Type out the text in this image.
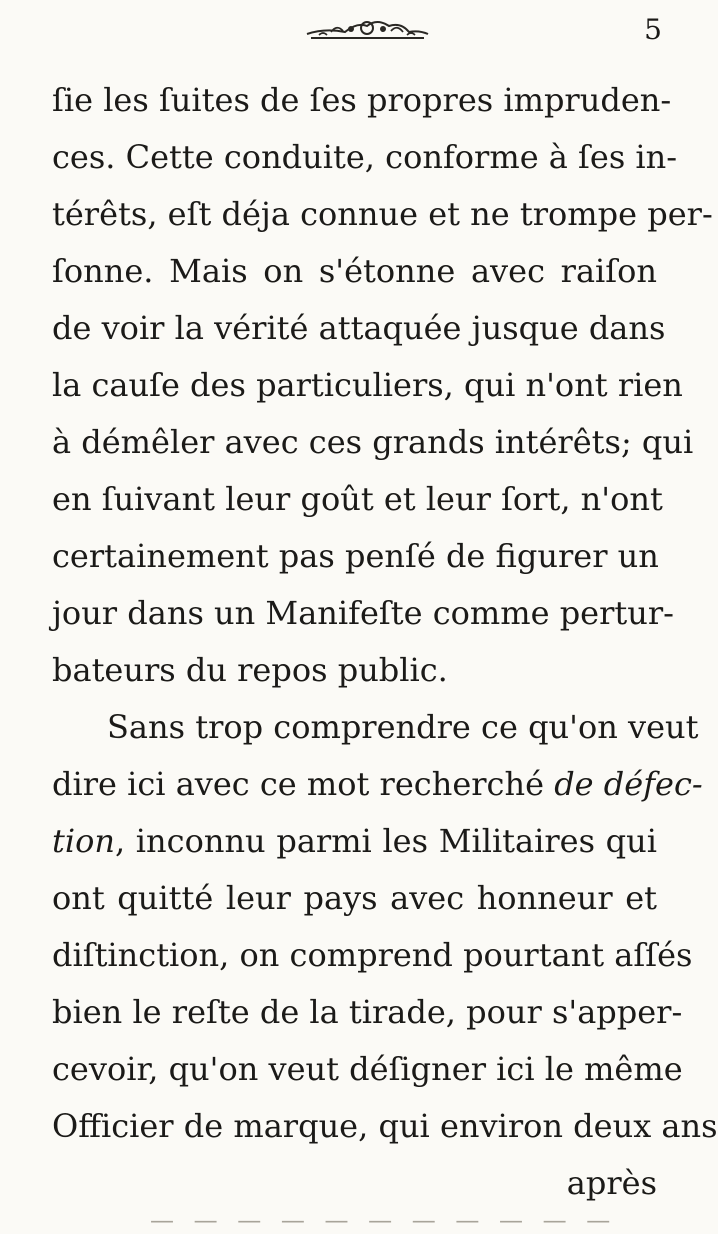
5
ſie les ſuites de ſes propres impruden-
ces. Cette conduite, conforme à ſes in-
térêts, eſt déja connue et ne trompe per-
ſonne. Mais on s'étonne avec raiſon
de voir la vérité attaquée jusque dans
la cauſe des particuliers, qui n'ont rien
à démêler avec ces grands intérêts; qui
en ſuivant leur goût et leur ſort, n'ont
certainement pas penſé de figurer un
jour dans un Manifeſte comme pertur-
bateurs du repos public.
Sans trop comprendre ce qu'on veut
dire ici avec ce mot recherché de défec-
tion, inconnu parmi les Militaires qui
ont quitté leur pays avec honneur et
diſtinction, on comprend pourtant aſſés
bien le reſte de la tirade, pour s'apper-
cevoir, qu'on veut déſigner ici le même
Officier de marque, qui environ deux ans
après
— — — — — — — — — — —
